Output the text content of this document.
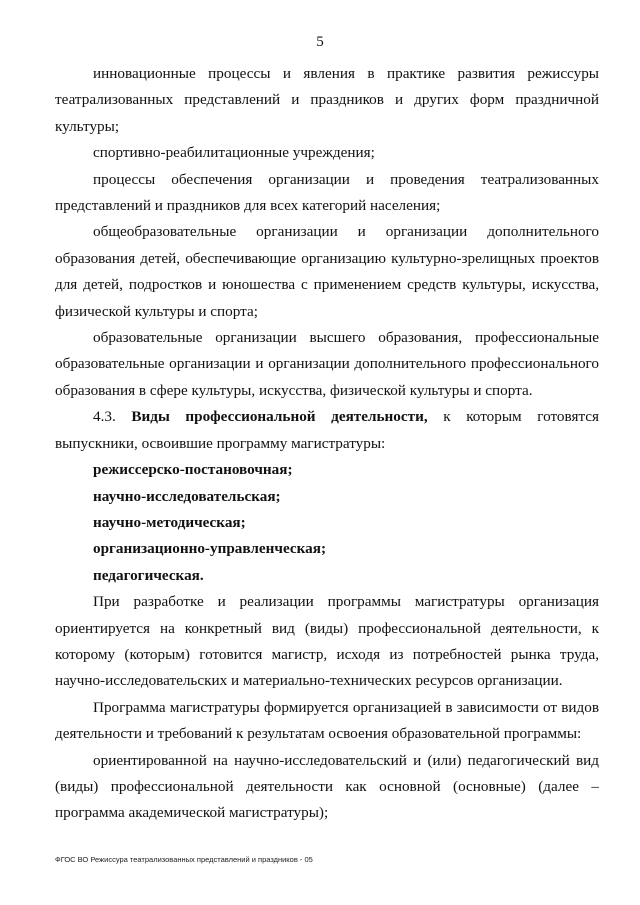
5

инновационные процессы и явления в практике развития режиссуры театрализованных представлений и праздников и других форм праздничной культуры;

спортивно-реабилитационные учреждения;

процессы обеспечения организации и проведения театрализованных представлений и праздников для всех категорий населения;

общеобразовательные организации и организации дополнительного образования детей, обеспечивающие организацию культурно-зрелищных проектов для детей, подростков и юношества с применением средств культуры, искусства, физической культуры и спорта;

образовательные организации высшего образования, профессиональные образовательные организации и организации дополнительного профессионального образования в сфере культуры, искусства, физической культуры и спорта.

4.3. Виды профессиональной деятельности, к которым готовятся выпускники, освоившие программу магистратуры:

режиссерско-постановочная;

научно-исследовательская;

научно-методическая;

организационно-управленческая;

педагогическая.

При разработке и реализации программы магистратуры организация ориентируется на конкретный вид (виды) профессиональной деятельности, к которому (которым) готовится магистр, исходя из потребностей рынка труда, научно-исследовательских и материально-технических ресурсов организации.

Программа магистратуры формируется организацией в зависимости от видов деятельности и требований к результатам освоения образовательной программы:

ориентированной на научно-исследовательский и (или) педагогический вид (виды) профессиональной деятельности как основной (основные) (далее – программа академической магистратуры);

ФГОС ВО Режиссура театрализованных представлений и праздников - 05
